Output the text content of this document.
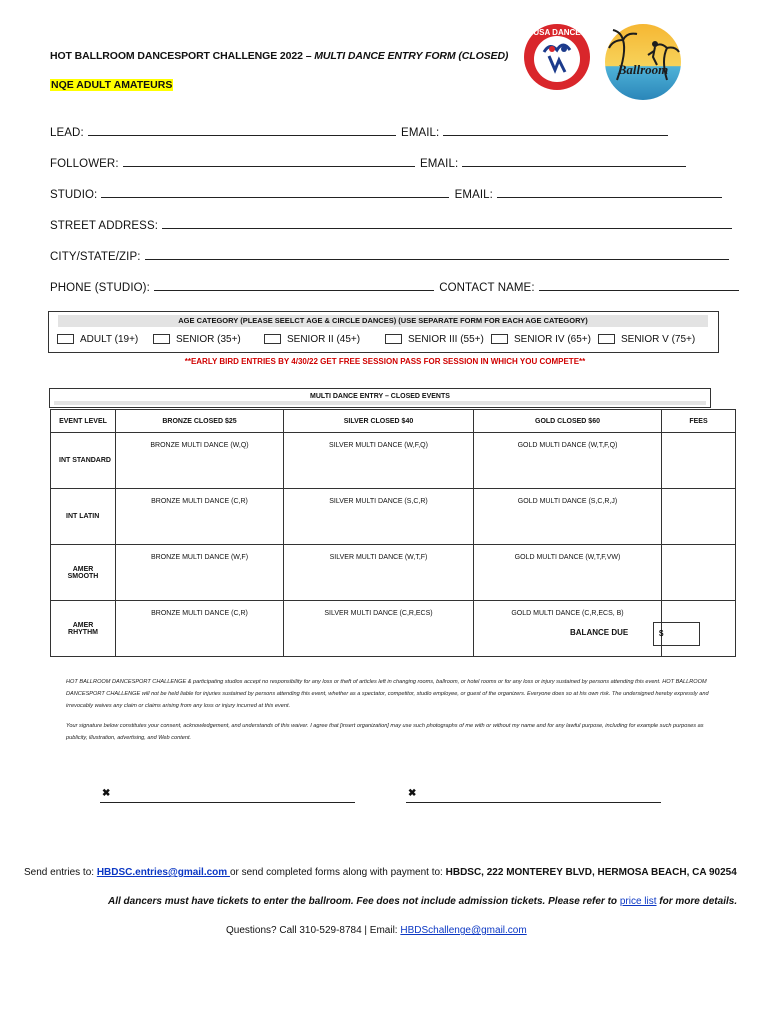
HOT BALLROOM DANCESPORT CHALLENGE 2022 – MULTI DANCE ENTRY FORM (CLOSED)
NQE ADULT AMATEURS
USA DANCE
Ballroom
LEAD:	EMAIL:
FOLLOWER:	EMAIL:
STUDIO:	EMAIL:
STREET ADDRESS:
CITY/STATE/ZIP:
PHONE (STUDIO):	CONTACT NAME:
AGE CATEGORY (PLEASE SEELCT AGE & CIRCLE DANCES) (USE SEPARATE FORM FOR EACH AGE CATEGORY)
ADULT (19+)	SENIOR (35+)	SENIOR II (45+)	SENIOR III (55+)	SENIOR IV (65+)	SENIOR V (75+)
**EARLY BIRD ENTRIES BY 4/30/22 GET FREE SESSION PASS FOR SESSION IN WHICH YOU COMPETE**
MULTI DANCE ENTRY – CLOSED EVENTS
EVENT LEVEL	BRONZE CLOSED $25	SILVER CLOSED $40	GOLD CLOSED $60	FEES
INT STANDARD	BRONZE MULTI DANCE (W,Q)	SILVER MULTI DANCE (W,F,Q)	GOLD MULTI DANCE (W,T,F,Q)	
INT LATIN	BRONZE MULTI DANCE (C,R)	SILVER MULTI DANCE (S,C,R)	GOLD MULTI DANCE (S,C,R,J)	
AMER SMOOTH	BRONZE MULTI DANCE (W,F)	SILVER MULTI DANCE (W,T,F)	GOLD MULTI DANCE (W,T,F,VW)	
AMER RHYTHM	BRONZE MULTI DANCE (C,R)	SILVER MULTI DANCE (C,R,ECS)	GOLD MULTI DANCE (C,R,ECS, B)	
BALANCE DUE	$
HOT BALLROOM DANCESPORT CHALLENGE & participating studios accept no responsibility for any loss or theft of articles left in changing rooms, ballroom, or hotel rooms or for any loss or injury sustained by persons attending this event. HOT BALLROOM DANCESPORT CHALLENGE will not be held liable for injuries sustained by persons attending this event, whether as a spectator, competitor, studio employee, or guest of the organizers. Everyone does so at his own risk. The undersigned hereby expressly and irrevocably waives any claim or claims arising from any loss or injury incurred at this event.
Your signature below constitutes your consent, acknowledgement, and understands of this waiver. I agree that [insert organization] may use such photographs of me with or without my name and for any lawful purpose, including for example such purposes as publicity, illustration, advertising, and Web content.
✖	✖
Send entries to: HBDSC.entries@gmail.com or send completed forms along with payment to: HBDSC, 222 MONTEREY BLVD, HERMOSA BEACH, CA 90254
All dancers must have tickets to enter the ballroom. Fee does not include admission tickets. Please refer to price list for more details.
Questions? Call 310-529-8784 | Email: HBDSchallenge@gmail.com
